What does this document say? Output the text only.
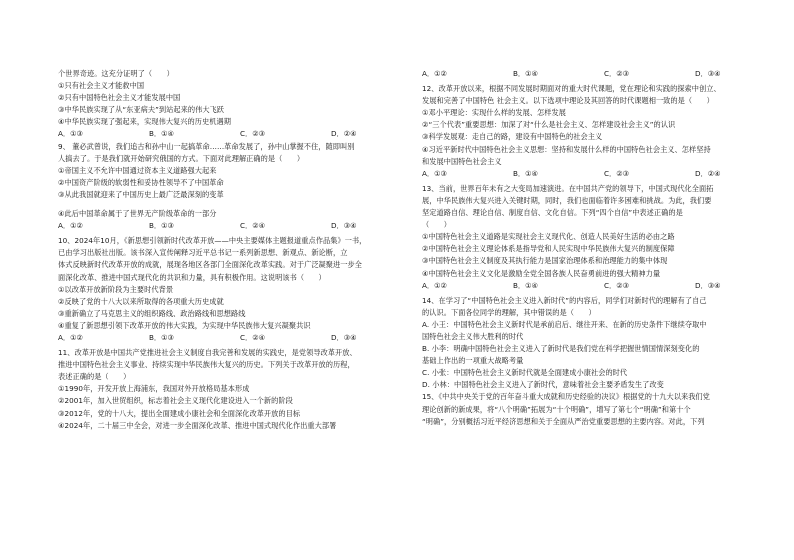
个世界奇迹。这充分证明了（　　）
①只有社会主义才能救中国
②只有中国特色社会主义才能发展中国
③中华民族实现了从“东亚病夫”到站起来的伟大飞跃
④中华民族实现了强起来，实现伟大复兴的历史机遇期
A．①③	B．①④	C．②③	D．②④
9、 董必武曾说，我们追古和孙中山一起搞革命……革命发展了，孙中山掌握不住，随即叫别
人搞去了。于是我们就开始研究俄国的方式。下面对此理解正确的是（　　）
①帝国主义不允许中国通过资本主义道路强大起来
②中国资产阶级的软弱性和妥协性领导不了中国革命
③从此我国就迎来了中国历史上最广泛最深刻的变革
④此后中国革命属于了世界无产阶级革命的一部分
A．①②	B．①③	C．②④	D．③④
10、2024年10月，《新思想引领新时代改革开放——中央主要媒体主题报道重点作品集》一书，
已由学习出版社出版。该书深入宣传阐释习近平总书记一系列新思想、新观点、新论断，立
体式反映新时代改革开放的成就，展现各地区各部门全面深化改革实践。对于广泛凝聚进一步全
面深化改革、推进中国式现代化的共识和力量，具有积极作用。这说明该书（　　）
①以改革开放新阶段为主要时代背景
②反映了党的十八大以来所取得的各项重大历史成就
③重新确立了马克思主义的组织路线、政治路线和思想路线
④重复了新思想引领下改革开放的伟大实践，为实现中华民族伟大复兴凝聚共识
A．①②	B．①③	C．②④	D．③④
11、改革开放是中国共产党推进社会主义制度自我完善和发展的实践史，是党领导改革开放、
推进中国特色社会主义事业、持续实现中华民族伟大复兴的历史。下列关于改革开放的历程，
表述正确的是（　　）
①1990年，开发开放上海浦东，我国对外开放格局基本形成
②2001年，加入世贸组织，标志着社会主义现代化建设进入一个新的阶段
③2012年，党的十八大，提出全面建成小康社会和全面深化改革开放的目标
④2024年，二十届三中全会，对进一步全面深化改革、推进中国式现代化作出重大部署
A．①②	B．①④	C．②③	D．③④
12、改革开放以来，根据不同发展时期面对的重大时代课题，党在理论和实践的探索中创立、
发展和完善了中国特色 社会主义。以下选项中理论及其回答的时代课题相一致的是（　　）
①邓小平理论：实现什么样的发展、怎样发展
②“三个代表”重要思想：加深了对“什么是社会主义、怎样建设社会主义”的认识
③科学发展观：走自己的路，建设有中国特色的社会主义
④习近平新时代中国特色社会主义思想：坚持和发展什么样的中国特色社会主义、怎样坚持
和发展中国特色社会主义
A．①③	B．①④	C．②③	D．②④
13、当前，世界百年未有之大变局加速演进。在中国共产党的领导下，中国式现代化全面拓
展，中华民族伟大复兴进入关键时期，同时，我们也面临着许多困难和挑战。为此，我们要
坚定道路自信、理论自信、制度自信、文化自信。下列“四个自信”中表述正确的是
（　　）
①中国特色社会主义道路是实现社会主义现代化、创造人民美好生活的必由之路
②中国特色社会主义理论体系是指导党和人民实现中华民族伟大复兴的制度保障
③中国特色社会主义制度及其执行能力是国家治理体系和治理能力的集中体现
④中国特色社会主义文化是激励全党全国各族人民奋勇前进的强大精神力量
A．①②	B．①④	C．②③	D．③④
14、在学习了“中国特色社会主义进入新时代”的内容后，同学们对新时代的理解有了自己
的认识。下面各位同学的理解，其中错误的是（　　）
A. 小王：中国特色社会主义新时代是承前启后、继往开来、在新的历史条件下继续夺取中
国特色社会主义伟大胜利的时代
B. 小李：明确中国特色社会主义进入了新时代是我们党在科学把握世情国情深刻变化的
基础上作出的一项重大战略考量
C. 小张：中国特色社会主义新时代就是全面建成小康社会的时代
D. 小林：中国特色社会主义进入了新时代，意味着社会主要矛盾发生了改变
15、《中共中央关于党的百年奋斗重大成就和历史经验的决议》根据党的十九大以来我们党
理论创新的新成果，将“八个明确”拓展为“十个明确”，增写了第七个“明确”和第十个
“明确”，分别概括习近平经济思想和关于全面从严治党重要思想的主要内容。对此，下列
